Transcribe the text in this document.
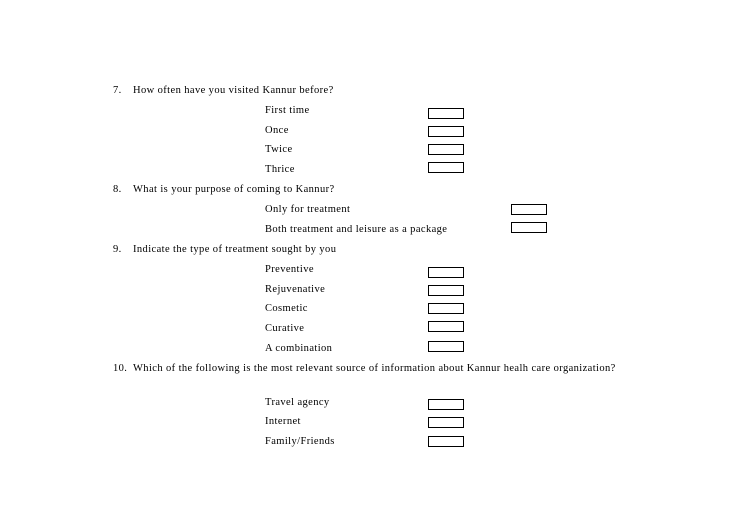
7.	How often have you visited Kannur before?
First time
Once
Twice
Thrice
8.	What is your purpose of coming to Kannur?
Only for treatment
Both treatment and leisure as a package
9.	Indicate the type of treatment sought by you
Preventive
Rejuvenative
Cosmetic
Curative
A combination
10. Which of the following is the most relevant source of information about Kannur healh care organization?
Travel agency
Internet
Family/Friends
